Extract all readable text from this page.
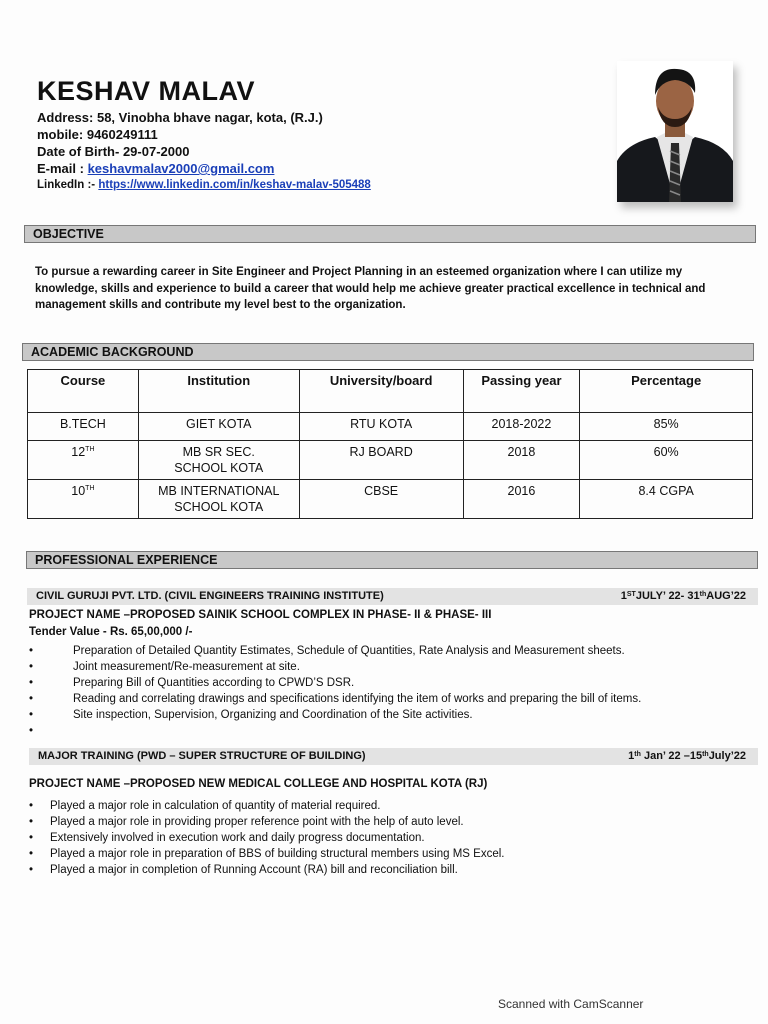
KESHAV MALAV
Address: 58, Vinobha bhave nagar, kota, (R.J.)
mobile: 9460249111
Date of Birth- 29-07-2000
E-mail : keshavmalav2000@gmail.com
LinkedIn :- https://www.linkedin.com/in/keshav-malav-505488
OBJECTIVE
To pursue a rewarding career in Site Engineer and Project Planning in an esteemed organization where I can utilize my knowledge, skills and experience to build a career that would help me achieve greater practical excellence in technical and management skills and contribute my level best to the organization.
ACADEMIC BACKGROUND
Course	Institution	University/board	Passing year	Percentage
B.TECH	GIET KOTA	RTU KOTA	2018-2022	85%
12TH	MB SR SEC. SCHOOL KOTA	RJ BOARD	2018	60%
10TH	MB INTERNATIONAL SCHOOL KOTA	CBSE	2016	8.4 CGPA
PROFESSIONAL EXPERIENCE
CIVIL GURUJI PVT. LTD. (CIVIL ENGINEERS TRAINING INSTITUTE)	1STJULY’ 22- 31thAUG’22
PROJECT NAME –PROPOSED SAINIK SCHOOL COMPLEX IN PHASE- II & PHASE- III
Tender Value - Rs. 65,00,000 /-
•	Preparation of Detailed Quantity Estimates, Schedule of Quantities, Rate Analysis and Measurement sheets.
•	Joint measurement/Re-measurement at site.
•	Preparing Bill of Quantities according to CPWD’S DSR.
•	Reading and correlating drawings and specifications identifying the item of works and preparing the bill of items.
•	Site inspection, Supervision, Organizing and Coordination of the Site activities.
•

MAJOR TRAINING (PWD – SUPER STRUCTURE OF BUILDING)	1th Jan’ 22 –15thJuly’22
PROJECT NAME –PROPOSED NEW MEDICAL COLLEGE AND HOSPITAL KOTA (RJ)
• Played a major role in calculation of quantity of material required.
• Played a major role in providing proper reference point with the help of auto level.
• Extensively involved in execution work and daily progress documentation.
• Played a major role in preparation of BBS of building structural members using MS Excel.
• Played a major in completion of Running Account (RA) bill and reconciliation bill.
Scanned with CamScanner
